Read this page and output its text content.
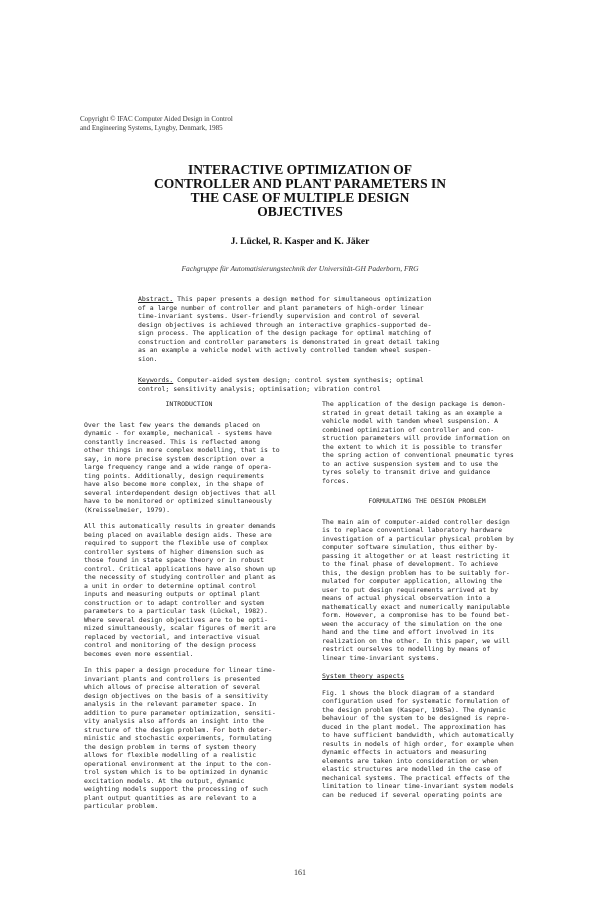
Copyright © IFAC Computer Aided Design in Control
and Engineering Systems, Lyngby, Denmark, 1985
INTERACTIVE OPTIMIZATION OF
CONTROLLER AND PLANT PARAMETERS IN
THE CASE OF MULTIPLE DESIGN
OBJECTIVES
J. Lückel, R. Kasper and K. Jäker
Fachgruppe für Automatisierungstechnik der Universität-GH Paderborn, FRG
Abstract. This paper presents a design method for simultaneous optimization
of a large number of controller and plant parameters of high-order linear
time-invariant systems. User-friendly supervision and control of several
design objectives is achieved through an interactive graphics-supported de-
sign process. The application of the design package for optimal matching of
construction and controller parameters is demonstrated in great detail taking
as an example a vehicle model with actively controlled tandem wheel suspen-
sion.
Keywords. Computer-aided system design; control system synthesis; optimal
control; sensitivity analysis; optimisation; vibration control
INTRODUCTION
Over the last few years the demands placed on
dynamic - for example, mechanical - systems have
constantly increased. This is reflected among
other things in more complex modelling, that is to
say, in more precise system description over a
large frequency range and a wide range of opera-
ting points. Additionally, design requirements
have also become more complex, in the shape of
several interdependent design objectives that all
have to be monitored or optimized simultaneously
(Kreisselmeier, 1979).
All this automatically results in greater demands
being placed on available design aids. These are
required to support the flexible use of complex
controller systems of higher dimension such as
those found in state space theory or in robust
control. Critical applications have also shown up
the necessity of studying controller and plant as
a unit in order to determine optimal control
inputs and measuring outputs or optimal plant
construction or to adapt controller and system
parameters to a particular task (Lückel, 1982).
Where several design objectives are to be opti-
mized simultaneously, scalar figures of merit are
replaced by vectorial, and interactive visual
control and monitoring of the design process
becomes even more essential.
In this paper a design procedure for linear time-
invariant plants and controllers is presented
which allows of precise alteration of several
design objectives on the basis of a sensitivity
analysis in the relevant parameter space. In
addition to pure parameter optimization, sensiti-
vity analysis also affords an insight into the
structure of the design problem. For both deter-
ministic and stochastic experiments, formulating
the design problem in terms of system theory
allows for flexible modelling of a realistic
operational environment at the input to the con-
trol system which is to be optimized in dynamic
excitation models. At the output, dynamic
weighting models support the processing of such
plant output quantities as are relevant to a
particular problem.
The application of the design package is demon-
strated in great detail taking as an example a
vehicle model with tandem wheel suspension. A
combined optimization of controller and con-
struction parameters will provide information on
the extent to which it is possible to transfer
the spring action of conventional pneumatic tyres
to an active suspension system and to use the
tyres solely to transmit drive and guidance
forces.
FORMULATING THE DESIGN PROBLEM
The main aim of computer-aided controller design
is to replace conventional laboratory hardware
investigation of a particular physical problem by
computer software simulation, thus either by-
passing it altogether or at least restricting it
to the final phase of development. To achieve
this, the design problem has to be suitably for-
mulated for computer application, allowing the
user to put design requirements arrived at by
means of actual physical observation into a
mathematically exact and numerically manipulable
form. However, a compromise has to be found bet-
ween the accuracy of the simulation on the one
hand and the time and effort involved in its
realization on the other. In this paper, we will
restrict ourselves to modelling by means of
linear time-invariant systems.
System theory aspects
Fig. 1 shows the block diagram of a standard
configuration used for systematic formulation of
the design problem (Kasper, 1985a). The dynamic
behaviour of the system to be designed is repre-
duced in the plant model. The approximation has
to have sufficient bandwidth, which automatically
results in models of high order, for example when
dynamic effects in actuators and measuring
elements are taken into consideration or when
elastic structures are modelled in the case of
mechanical systems. The practical effects of the
limitation to linear time-invariant system models
can be reduced if several operating points are
161
